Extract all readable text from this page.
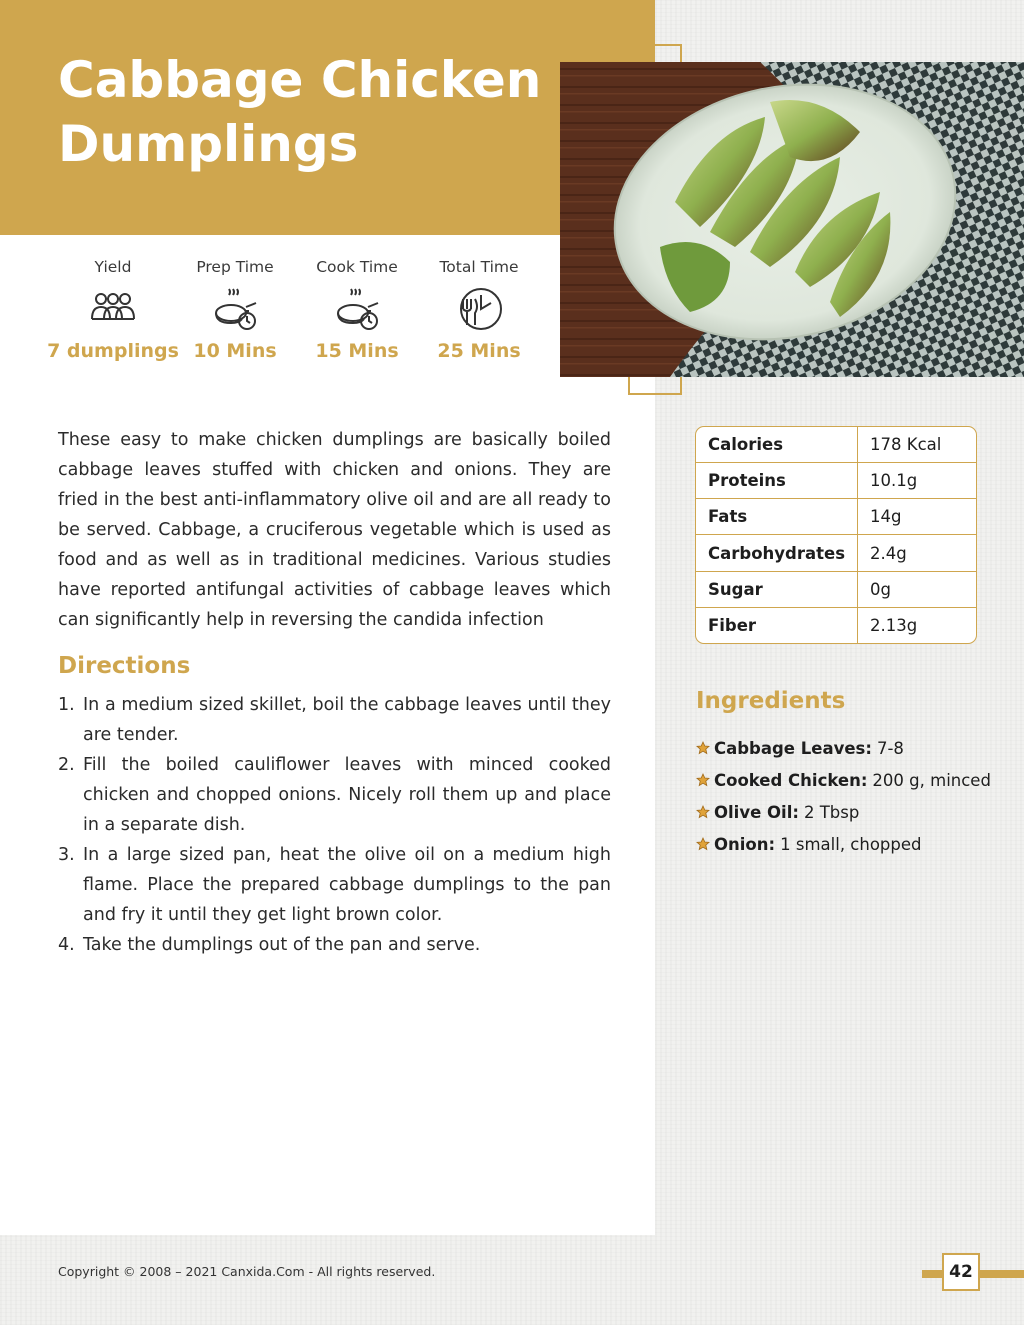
Cabbage Chicken Dumplings
Yield
7 dumplings
Prep Time
10 Mins
Cook Time
15 Mins
Total Time
25 Mins

These easy to make chicken dumplings are basically boiled cabbage leaves stuffed with chicken and onions. They are fried in the best anti-inflammatory olive oil and are all ready to be served. Cabbage, a cruciferous vegetable which is used as food and as well as in traditional medicines. Various studies have reported antifungal activities of cabbage leaves which can significantly help in reversing the candida infection

Directions
1. In a medium sized skillet, boil the cabbage leaves until they are tender.
2. Fill the boiled cauliflower leaves with minced cooked chicken and chopped onions. Nicely roll them up and place in a separate dish.
3. In a large sized pan, heat the olive oil on a medium high flame. Place the prepared cabbage dumplings to the pan and fry it until they get light brown color.
4. Take the dumplings out of the pan and serve.
Calories	178 Kcal
Proteins	10.1g
Fats	14g
Carbohydrates	2.4g
Sugar	0g
Fiber	2.13g
Ingredients
Cabbage Leaves: 7-8
Cooked Chicken: 200 g, minced
Olive Oil: 2 Tbsp
Onion: 1 small, chopped
Copyright © 2008 – 2021 Canxida.Com - All rights reserved.	42
